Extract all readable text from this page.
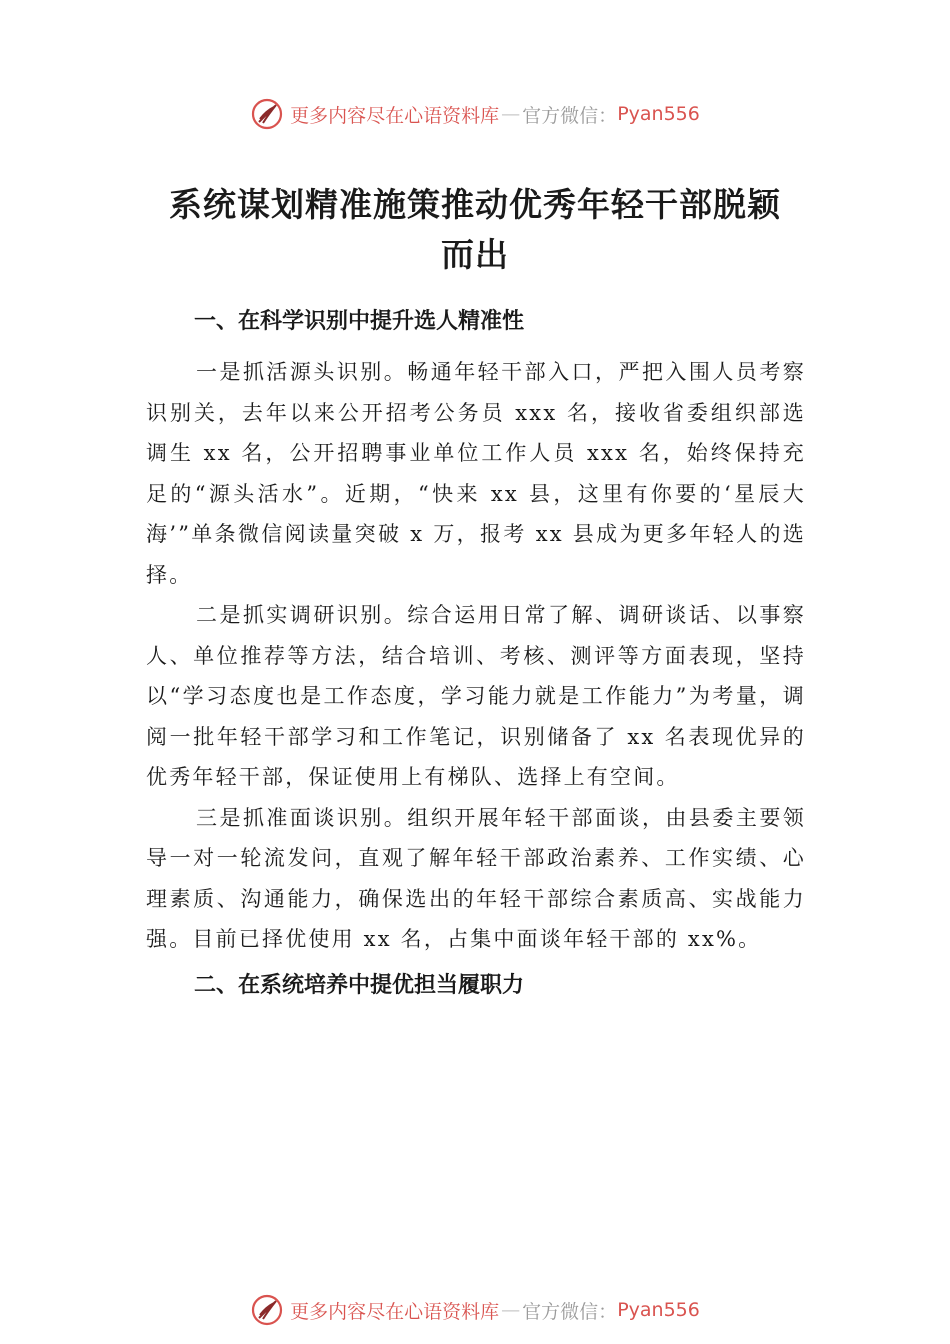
更多内容尽在心语资料库 — 官方微信： Pyan556
系统谋划精准施策推动优秀年轻干部脱颖
而出

一、在科学识别中提升选人精准性

一是抓活源头识别。畅通年轻干部入口，严把入围人员考察识别关，去年以来公开招考公务员 xxx 名，接收省委组织部选调生 xx 名，公开招聘事业单位工作人员 xxx 名，始终保持充足的“源头活水”。近期，“快来 xx 县，这里有你要的‘星辰大海’”单条微信阅读量突破 x 万，报考 xx 县成为更多年轻人的选择。

二是抓实调研识别。综合运用日常了解、调研谈话、以事察人、单位推荐等方法，结合培训、考核、测评等方面表现，坚持以“学习态度也是工作态度，学习能力就是工作能力”为考量，调阅一批年轻干部学习和工作笔记，识别储备了 xx 名表现优异的优秀年轻干部，保证使用上有梯队、选择上有空间。

三是抓准面谈识别。组织开展年轻干部面谈，由县委主要领导一对一轮流发问，直观了解年轻干部政治素养、工作实绩、心理素质、沟通能力，确保选出的年轻干部综合素质高、实战能力强。目前已择优使用 xx 名，占集中面谈年轻干部的 xx%。

二、在系统培养中提优担当履职力

更多内容尽在心语资料库 — 官方微信： Pyan556
